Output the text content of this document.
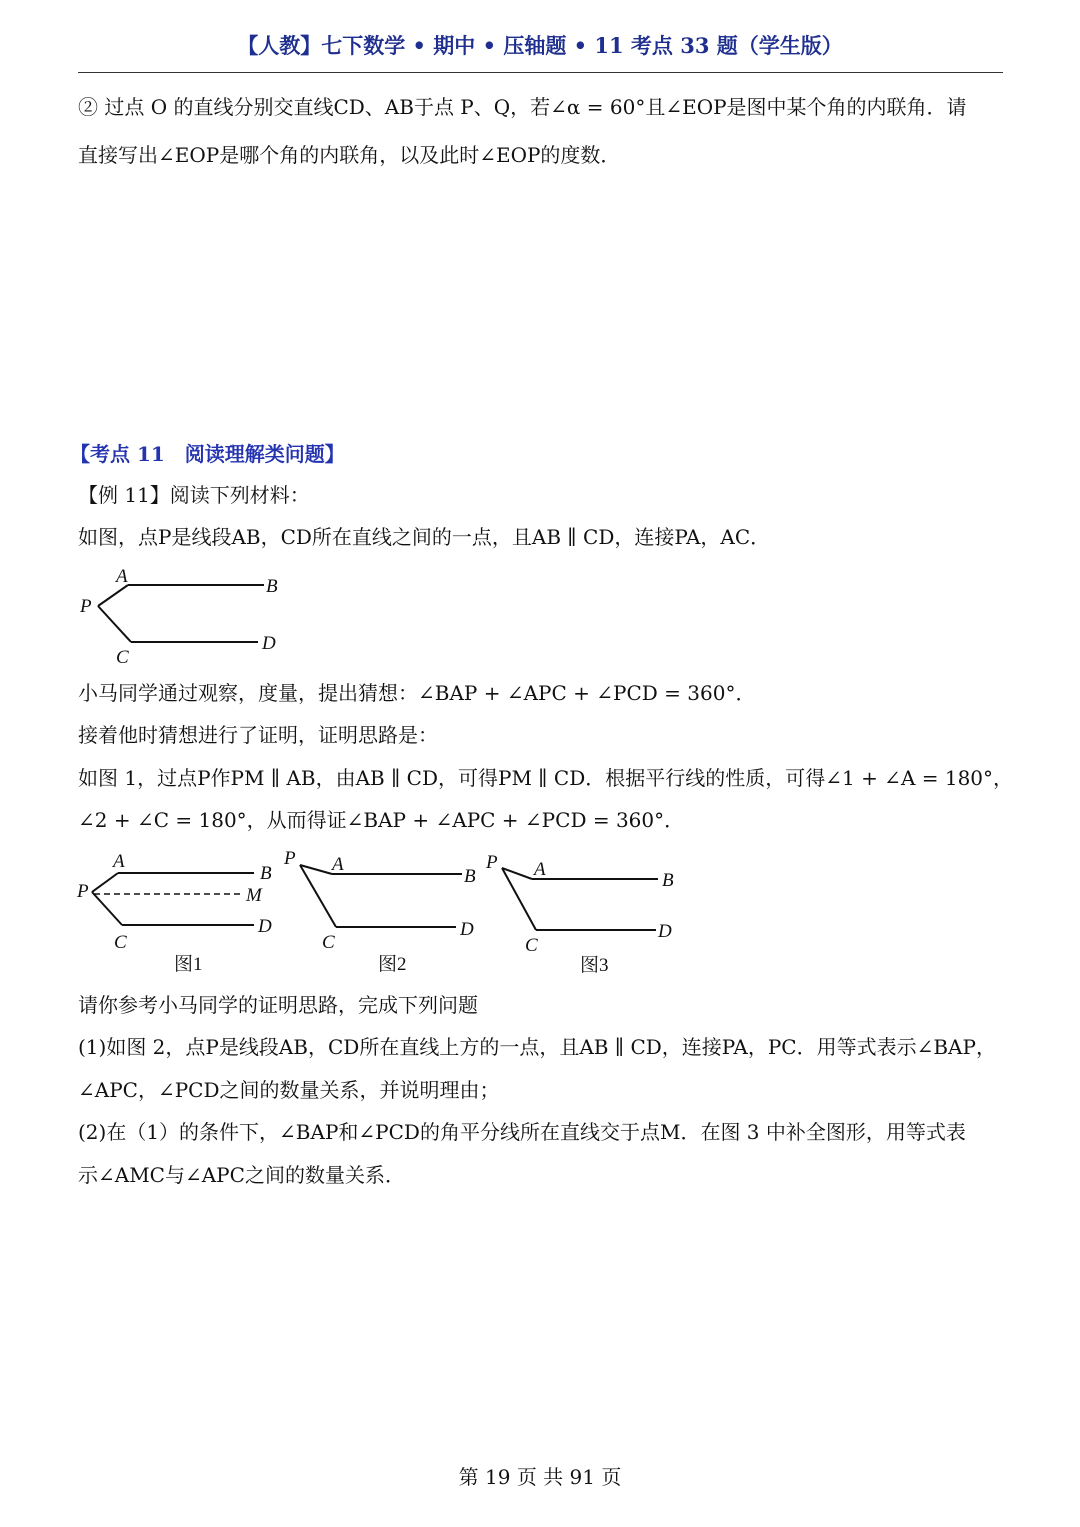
【人教】七下数学 • 期中 • 压轴题 • 11 考点 33 题（学生版）
② 过点 O 的直线分别交直线CD、AB于点 P、Q，若∠α = 60°且∠EOP是图中某个角的内联角．请
直接写出∠EOP是哪个角的内联角，以及此时∠EOP的度数．
【考点 11　阅读理解类问题】
【例 11】阅读下列材料：
如图，点P是线段AB，CD所在直线之间的一点，且AB ∥ CD，连接PA，AC．
A	B
P
C
D
小马同学通过观察，度量，提出猜想：∠BAP + ∠APC + ∠PCD = 360°．
接着他时猜想进行了证明，证明思路是：
如图 1，过点P作PM ∥ AB，由AB ∥ CD，可得PM ∥ CD．根据平行线的性质，可得∠1 + ∠A = 180°，
∠2 + ∠C = 180°，从而得证∠BAP + ∠APC + ∠PCD = 360°．
A
B
P	M
C
D
图1
P A
B
C
D
图2
P A
B
C
D
图3
请你参考小马同学的证明思路，完成下列问题
(1)如图 2，点P是线段AB，CD所在直线上方的一点，且AB ∥ CD，连接PA，PC．用等式表示∠BAP，
∠APC，∠PCD之间的数量关系，并说明理由；
(2)在（1）的条件下，∠BAP和∠PCD的角平分线所在直线交于点M．在图 3 中补全图形，用等式表
示∠AMC与∠APC之间的数量关系．
第 19 页 共 91 页
